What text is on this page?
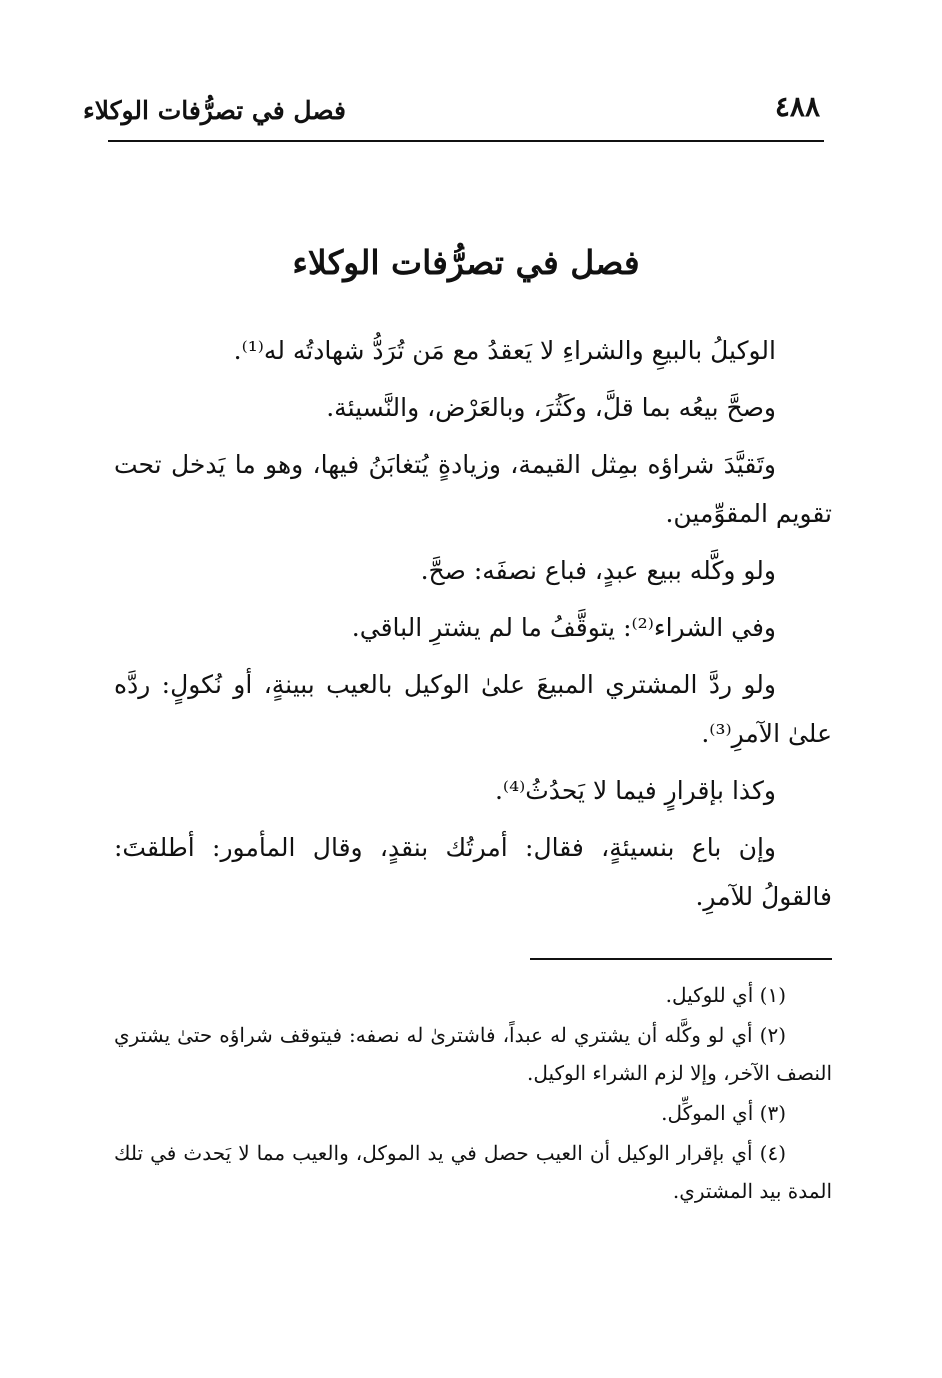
فصل في تصرُّفات الوكلاء	٤٨٨
فصل في تصرُّفات الوكلاء

الوكيلُ بالبيعِ والشراءِ لا يَعقدُ مع مَن تُرَدُّ شهادتُه له⁽¹⁾.

وصحَّ بيعُه بما قلَّ، وكَثُرَ، وبالعَرْض، والنَّسيئة.

وتَقيَّدَ شراؤه بمِثل القيمة، وزيادةٍ يُتغابَنُ فيها، وهو ما يَدخل تحت تقويم المقوِّمين.

ولو وكَّله ببيع عبدٍ، فباع نصفَه: صحَّ.

وفي الشراء⁽²⁾: يتوقَّفُ ما لم يشترِ الباقي.

ولو ردَّ المشتري المبيعَ علىٰ الوكيل بالعيب ببينةٍ، أو نُكولٍ: ردَّه علىٰ الآمرِ⁽³⁾.

وكذا بإقرارٍ فيما لا يَحدُثُ⁽⁴⁾.

وإن باع بنسيئةٍ، فقال: أمرتُك بنقدٍ، وقال المأمور: أطلقتَ: فالقولُ للآمرِ.

(١) أي للوكيل.

(٢) أي لو وكَّله أن يشتري له عبداً، فاشترىٰ له نصفه: فيتوقف شراؤه حتىٰ يشتري النصف الآخر، وإلا لزم الشراء الوكيل.

(٣) أي الموكِّل.

(٤) أي بإقرار الوكيل أن العيب حصل في يد الموكل، والعيب مما لا يَحدث في تلك المدة بيد المشتري.
